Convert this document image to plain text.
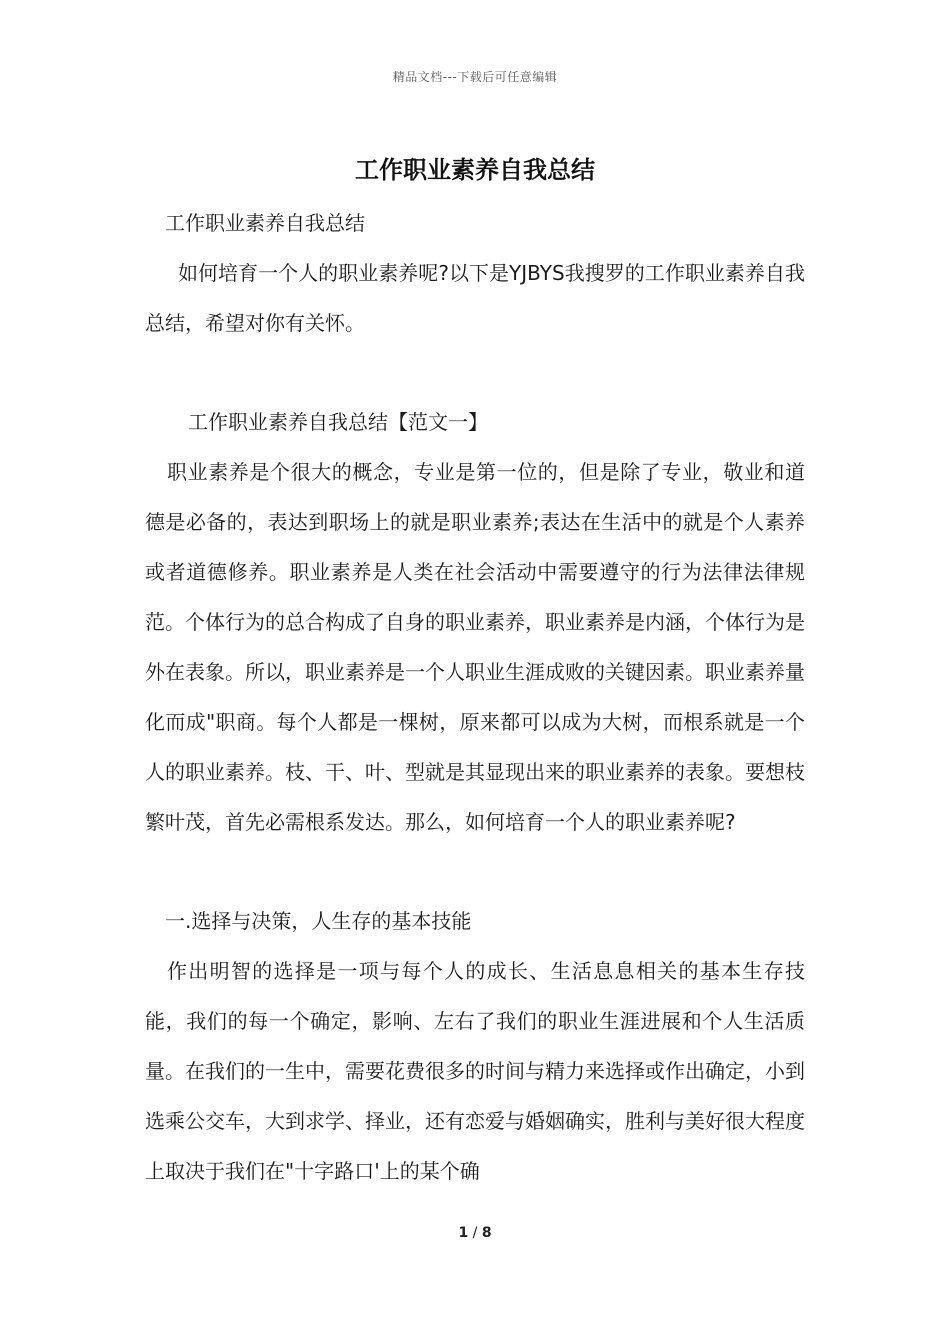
精品文档---下载后可任意编辑
工作职业素养自我总结
工作职业素养自我总结
如何培育一个人的职业素养呢?以下是YJBYS我搜罗的工作职业素养自我总结，希望对你有关怀。
工作职业素养自我总结【范文一】
职业素养是个很大的概念，专业是第一位的，但是除了专业，敬业和道德是必备的，表达到职场上的就是职业素养;表达在生活中的就是个人素养或者道德修养。职业素养是人类在社会活动中需要遵守的行为法律法律规范。个体行为的总合构成了自身的职业素养，职业素养是内涵，个体行为是外在表象。所以，职业素养是一个人职业生涯成败的关键因素。职业素养量化而成"职商。每个人都是一棵树，原来都可以成为大树，而根系就是一个人的职业素养。枝、干、叶、型就是其显现出来的职业素养的表象。要想枝繁叶茂，首先必需根系发达。那么，如何培育一个人的职业素养呢?
一.选择与决策，人生存的基本技能
作出明智的选择是一项与每个人的成长、生活息息相关的基本生存技能，我们的每一个确定，影响、左右了我们的职业生涯进展和个人生活质量。在我们的一生中，需要花费很多的时间与精力来选择或作出确定，小到选乘公交车，大到求学、择业，还有恋爱与婚姻确实，胜利与美好很大程度上取决于我们在"十字路口'上的某个确
1 / 8
